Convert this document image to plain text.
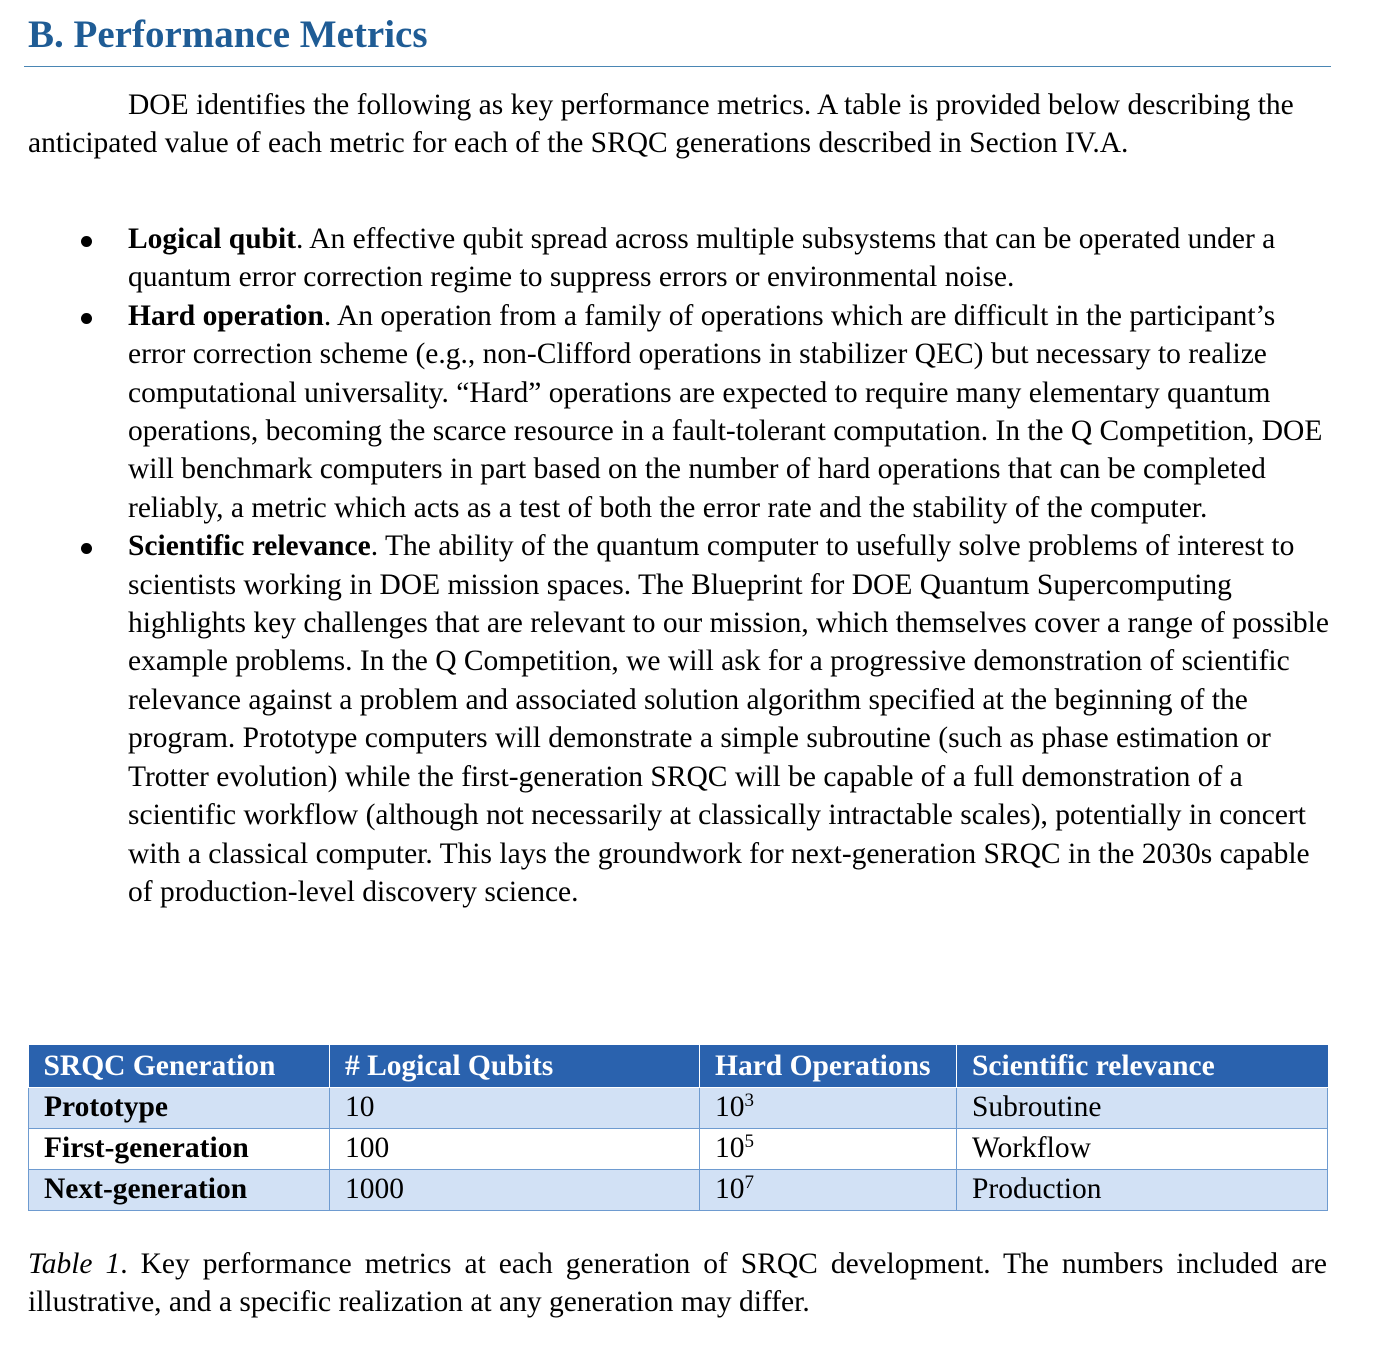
B. Performance Metrics

DOE identifies the following as key performance metrics. A table is provided below describing the anticipated value of each metric for each of the SRQC generations described in Section IV.A.

Logical qubit. An effective qubit spread across multiple subsystems that can be operated under a quantum error correction regime to suppress errors or environmental noise.
Hard operation. An operation from a family of operations which are difficult in the participant’s error correction scheme (e.g., non-Clifford operations in stabilizer QEC) but necessary to realize computational universality. “Hard” operations are expected to require many elementary quantum operations, becoming the scarce resource in a fault-tolerant computation. In the Q Competition, DOE will benchmark computers in part based on the number of hard operations that can be completed reliably, a metric which acts as a test of both the error rate and the stability of the computer.
Scientific relevance. The ability of the quantum computer to usefully solve problems of interest to scientists working in DOE mission spaces. The Blueprint for DOE Quantum Supercomputing highlights key challenges that are relevant to our mission, which themselves cover a range of possible example problems. In the Q Competition, we will ask for a progressive demonstration of scientific relevance against a problem and associated solution algorithm specified at the beginning of the program. Prototype computers will demonstrate a simple subroutine (such as phase estimation or Trotter evolution) while the first-generation SRQC will be capable of a full demonstration of a scientific workflow (although not necessarily at classically intractable scales), potentially in concert with a classical computer. This lays the groundwork for next-generation SRQC in the 2030s capable of production-level discovery science.
SRQC Generation	# Logical Qubits	Hard Operations	Scientific relevance
Prototype	10	$10^3$	Subroutine
First-generation	100	$10^5$	Workflow
Next-generation	1000	$10^7$	Production

Table 1. Key performance metrics at each generation of SRQC development. The numbers included are illustrative, and a specific realization at any generation may differ.
